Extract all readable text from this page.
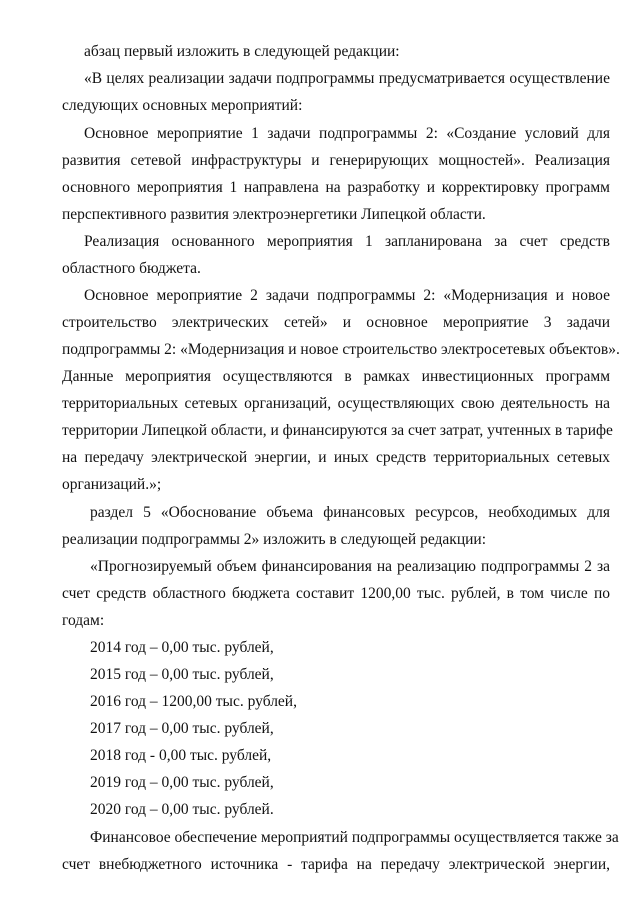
абзац первый изложить в следующей редакции:

«В целях реализации задачи подпрограммы предусматривается осуществление

следующих основных мероприятий:

Основное мероприятие 1 задачи подпрограммы 2: «Создание условий для

развития сетевой инфраструктуры и генерирующих мощностей». Реализация

основного мероприятия 1 направлена на разработку и корректировку программ

перспективного развития электроэнергетики Липецкой области.

Реализация основанного мероприятия 1 запланирована за счет средств

областного бюджета.

Основное мероприятие 2 задачи подпрограммы 2: «Модернизация и новое

строительство электрических сетей» и основное мероприятие 3 задачи

подпрограммы 2: «Модернизация и новое строительство электросетевых объектов».

Данные мероприятия осуществляются в рамках инвестиционных программ

территориальных сетевых организаций, осуществляющих свою деятельность на

территории Липецкой области, и финансируются за счет затрат, учтенных в тарифе

на передачу электрической энергии, и иных средств территориальных сетевых

организаций.»;

раздел 5 «Обоснование объема финансовых ресурсов, необходимых для

реализации подпрограммы 2» изложить в следующей редакции:

«Прогнозируемый объем финансирования на реализацию подпрограммы 2 за

счет средств областного бюджета составит 1200,00 тыс. рублей, в том числе по

годам:

2014 год – 0,00 тыс. рублей,

2015 год – 0,00 тыс. рублей,

2016 год – 1200,00 тыс. рублей,

2017 год – 0,00 тыс. рублей,

2018 год - 0,00 тыс. рублей,

2019 год – 0,00 тыс. рублей,

2020 год – 0,00 тыс. рублей.

Финансовое обеспечение мероприятий подпрограммы осуществляется также за

счет внебюджетного источника - тарифа на передачу электрической энергии,
